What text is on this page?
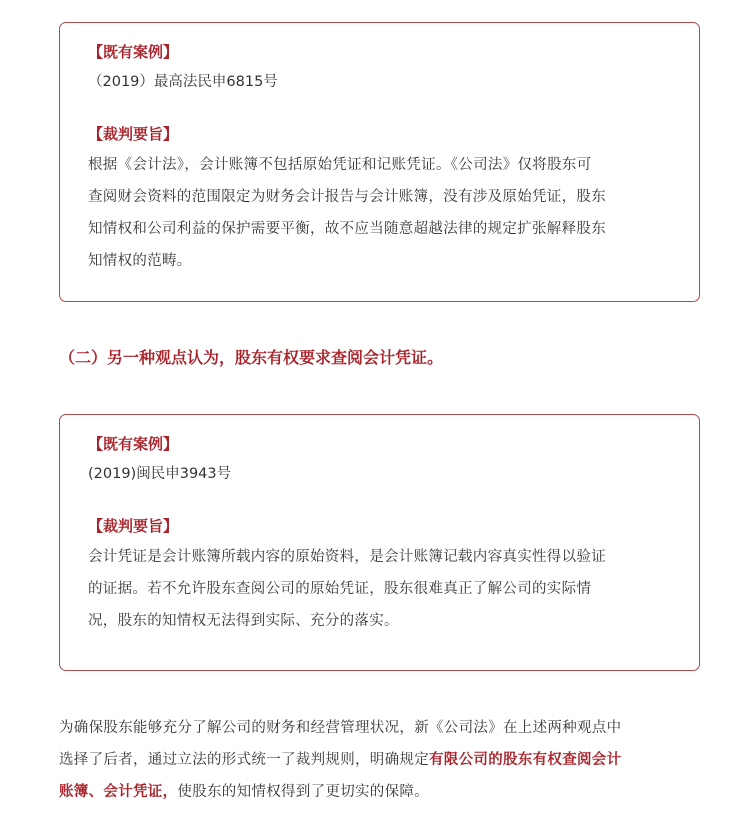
【既有案例】

（2019）最高法民申6815号

【裁判要旨】

根据《会计法》，会计账簿不包括原始凭证和记账凭证。《公司法》仅将股东可
查阅财会资料的范围限定为财务会计报告与会计账簿，没有涉及原始凭证，股东
知情权和公司利益的保护需要平衡，故不应当随意超越法律的规定扩张解释股东
知情权的范畴。

（二）另一种观点认为，股东有权要求查阅会计凭证。

【既有案例】

(2019)闽民申3943号

【裁判要旨】

会计凭证是会计账簿所载内容的原始资料，是会计账簿记载内容真实性得以验证
的证据。若不允许股东查阅公司的原始凭证，股东很难真正了解公司的实际情
况，股东的知情权无法得到实际、充分的落实。

为确保股东能够充分了解公司的财务和经营管理状况，新《公司法》在上述两种观点中
选择了后者，通过立法的形式统一了裁判规则，明确规定有限公司的股东有权查阅会计
账簿、会计凭证，使股东的知情权得到了更切实的保障。
